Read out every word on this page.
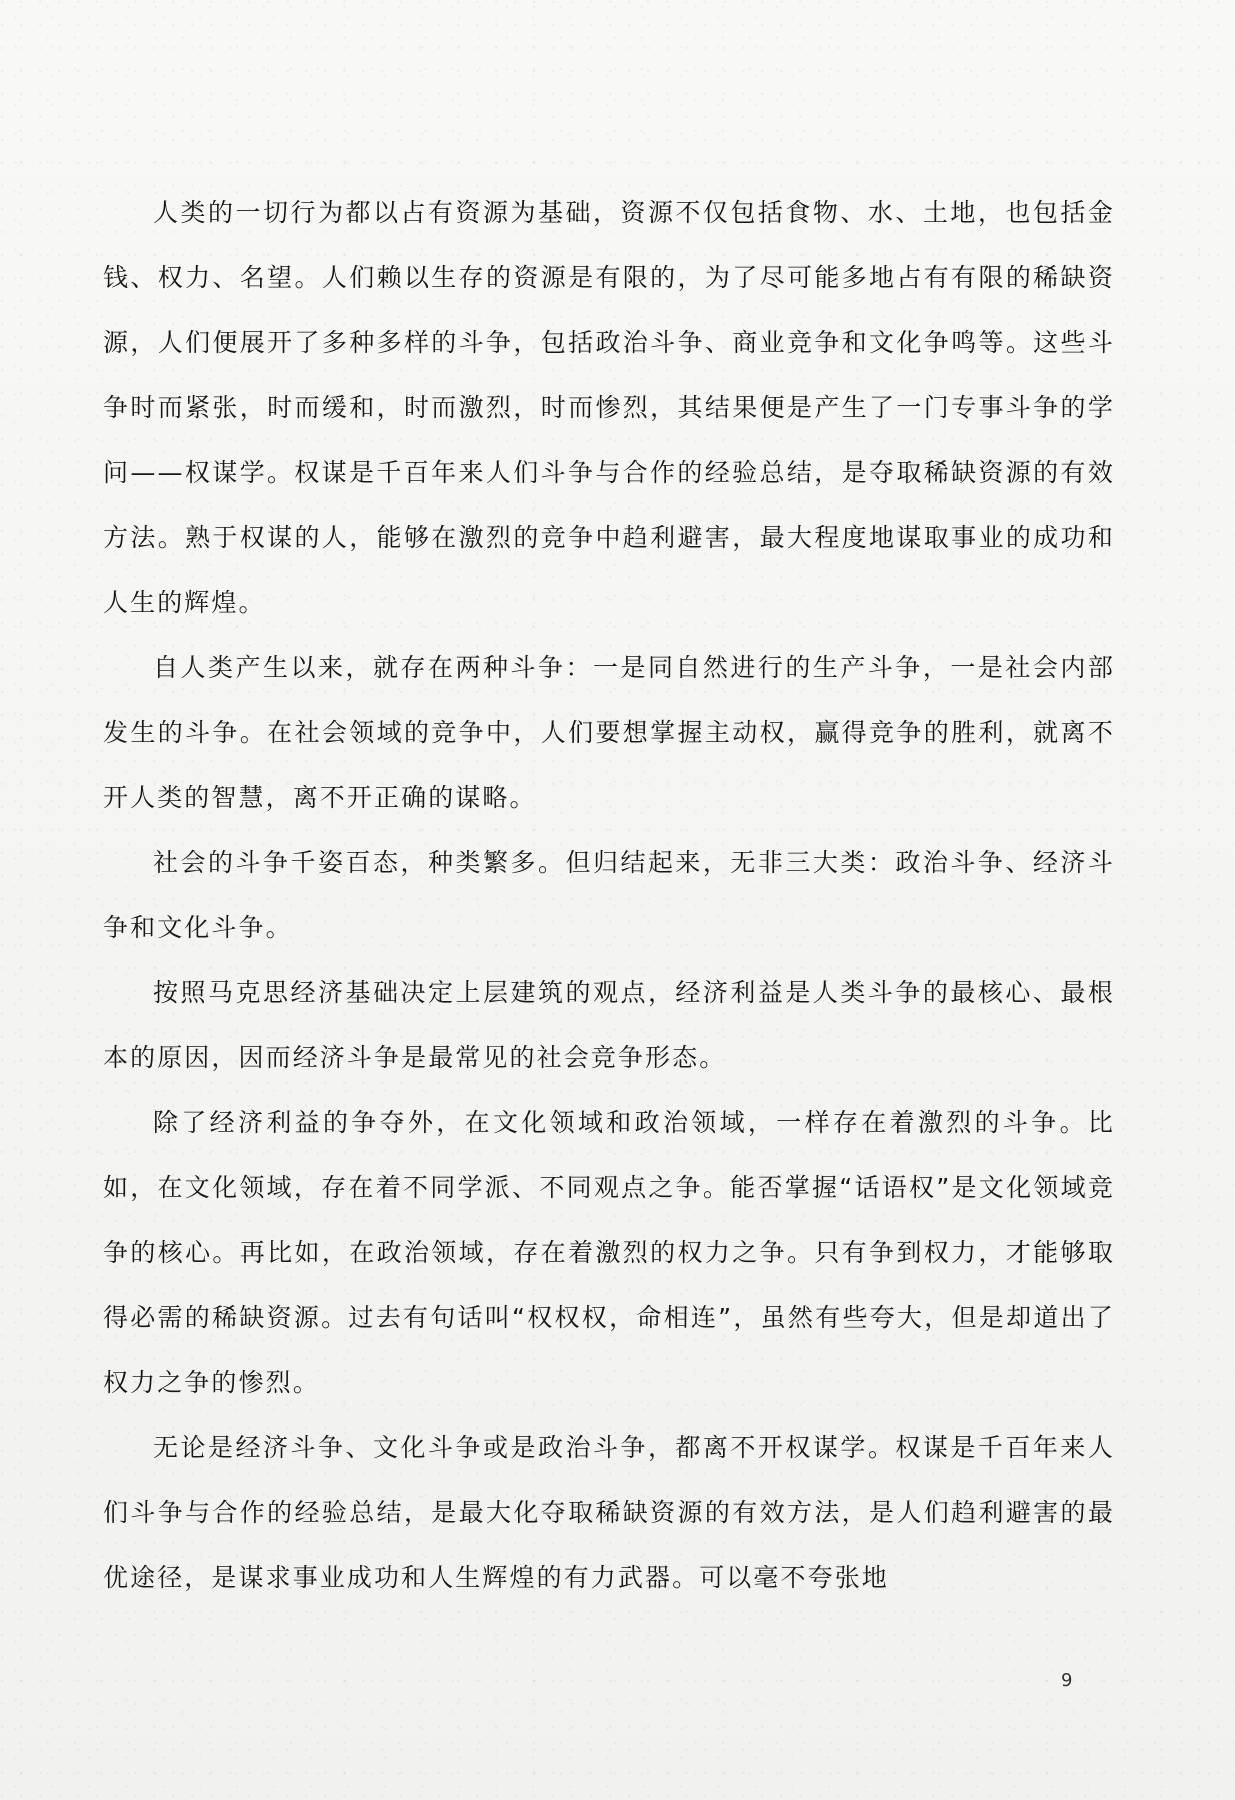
人类的一切行为都以占有资源为基础，资源不仅包括食物、水、土地，也包括金钱、权力、名望。人们赖以生存的资源是有限的，为了尽可能多地占有有限的稀缺资源，人们便展开了多种多样的斗争，包括政治斗争、商业竞争和文化争鸣等。这些斗争时而紧张，时而缓和，时而激烈，时而惨烈，其结果便是产生了一门专事斗争的学问——权谋学。权谋是千百年来人们斗争与合作的经验总结，是夺取稀缺资源的有效方法。熟于权谋的人，能够在激烈的竞争中趋利避害，最大程度地谋取事业的成功和人生的辉煌。

自人类产生以来，就存在两种斗争：一是同自然进行的生产斗争，一是社会内部发生的斗争。在社会领域的竞争中，人们要想掌握主动权，赢得竞争的胜利，就离不开人类的智慧，离不开正确的谋略。

社会的斗争千姿百态，种类繁多。但归结起来，无非三大类：政治斗争、经济斗争和文化斗争。

按照马克思经济基础决定上层建筑的观点，经济利益是人类斗争的最核心、最根本的原因，因而经济斗争是最常见的社会竞争形态。

除了经济利益的争夺外，在文化领域和政治领域，一样存在着激烈的斗争。比如，在文化领域，存在着不同学派、不同观点之争。能否掌握“话语权”是文化领域竞争的核心。再比如，在政治领域，存在着激烈的权力之争。只有争到权力，才能够取得必需的稀缺资源。过去有句话叫“权权权，命相连”，虽然有些夸大，但是却道出了权力之争的惨烈。

无论是经济斗争、文化斗争或是政治斗争，都离不开权谋学。权谋是千百年来人们斗争与合作的经验总结，是最大化夺取稀缺资源的有效方法，是人们趋利避害的最优途径，是谋求事业成功和人生辉煌的有力武器。可以毫不夸张地

9
